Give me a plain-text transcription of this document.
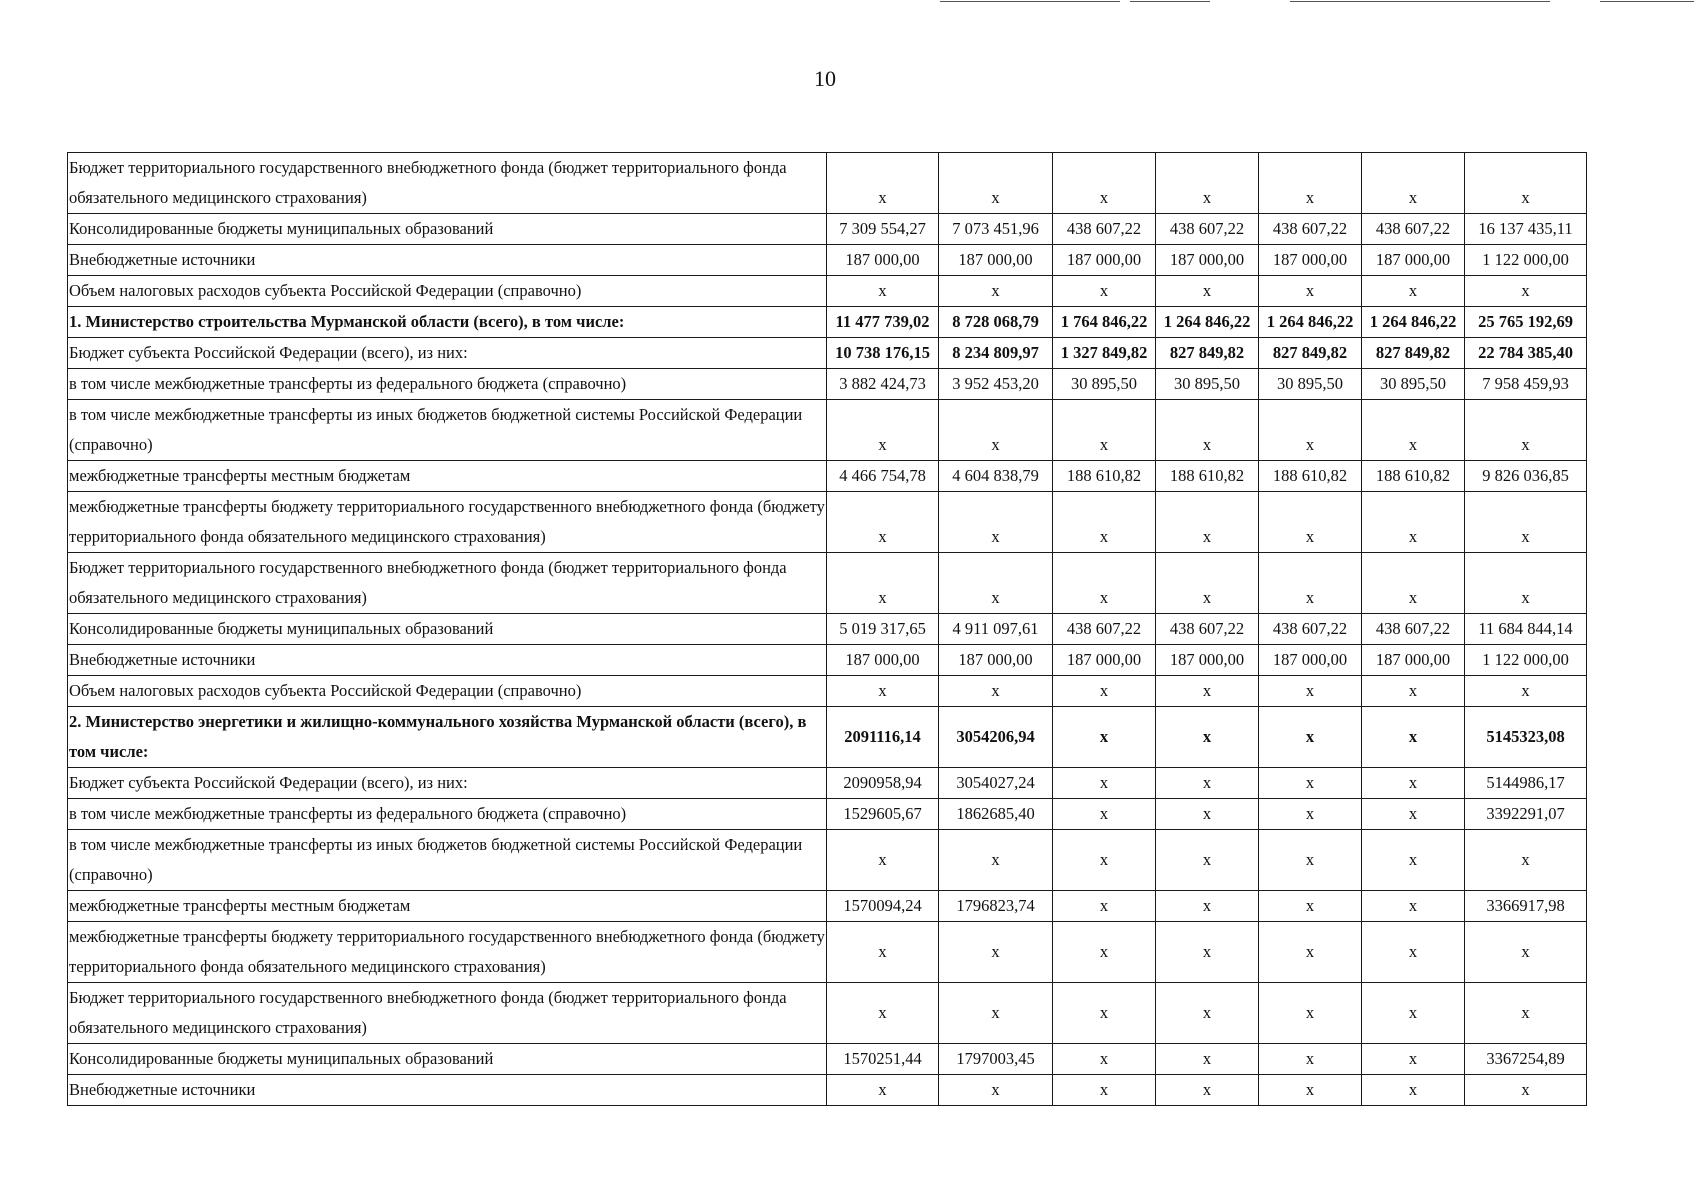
10
Бюджет территориального государственного внебюджетного фонда (бюджет территориального фонда обязательного медицинского страхования)	x	x	x	x	x	x	x
Консолидированные бюджеты муниципальных образований	7 309 554,27	7 073 451,96	438 607,22	438 607,22	438 607,22	438 607,22	16 137 435,11
Внебюджетные источники	187 000,00	187 000,00	187 000,00	187 000,00	187 000,00	187 000,00	1 122 000,00
Объем налоговых расходов субъекта Российской Федерации (справочно)	x	x	x	x	x	x	x
1. Министерство строительства Мурманской области (всего), в том числе:	11 477 739,02	8 728 068,79	1 764 846,22	1 264 846,22	1 264 846,22	1 264 846,22	25 765 192,69
Бюджет субъекта Российской Федерации (всего), из них:	10 738 176,15	8 234 809,97	1 327 849,82	827 849,82	827 849,82	827 849,82	22 784 385,40
в том числе межбюджетные трансферты из федерального бюджета (справочно)	3 882 424,73	3 952 453,20	30 895,50	30 895,50	30 895,50	30 895,50	7 958 459,93
в том числе межбюджетные трансферты из иных бюджетов бюджетной системы Российской Федерации (справочно)	x	x	x	x	x	x	x
межбюджетные трансферты местным бюджетам	4 466 754,78	4 604 838,79	188 610,82	188 610,82	188 610,82	188 610,82	9 826 036,85
межбюджетные трансферты бюджету территориального государственного внебюджетного фонда (бюджету территориального фонда обязательного медицинского страхования)	x	x	x	x	x	x	x
Бюджет территориального государственного внебюджетного фонда (бюджет территориального фонда обязательного медицинского страхования)	x	x	x	x	x	x	x
Консолидированные бюджеты муниципальных образований	5 019 317,65	4 911 097,61	438 607,22	438 607,22	438 607,22	438 607,22	11 684 844,14
Внебюджетные источники	187 000,00	187 000,00	187 000,00	187 000,00	187 000,00	187 000,00	1 122 000,00
Объем налоговых расходов субъекта Российской Федерации (справочно)	x	x	x	x	x	x	x
2. Министерство энергетики и жилищно-коммунального хозяйства Мурманской области (всего), в том числе:	2091116,14	3054206,94	x	x	x	x	5145323,08
Бюджет субъекта Российской Федерации (всего), из них:	2090958,94	3054027,24	x	x	x	x	5144986,17
в том числе межбюджетные трансферты из федерального бюджета (справочно)	1529605,67	1862685,40	x	x	x	x	3392291,07
в том числе межбюджетные трансферты из иных бюджетов бюджетной системы Российской Федерации (справочно)	x	x	x	x	x	x	x
межбюджетные трансферты местным бюджетам	1570094,24	1796823,74	x	x	x	x	3366917,98
межбюджетные трансферты бюджету территориального государственного внебюджетного фонда (бюджету территориального фонда обязательного медицинского страхования)	x	x	x	x	x	x	x
Бюджет территориального государственного внебюджетного фонда (бюджет территориального фонда обязательного медицинского страхования)	x	x	x	x	x	x	x
Консолидированные бюджеты муниципальных образований	1570251,44	1797003,45	x	x	x	x	3367254,89
Внебюджетные источники	x	x	x	x	x	x	x
